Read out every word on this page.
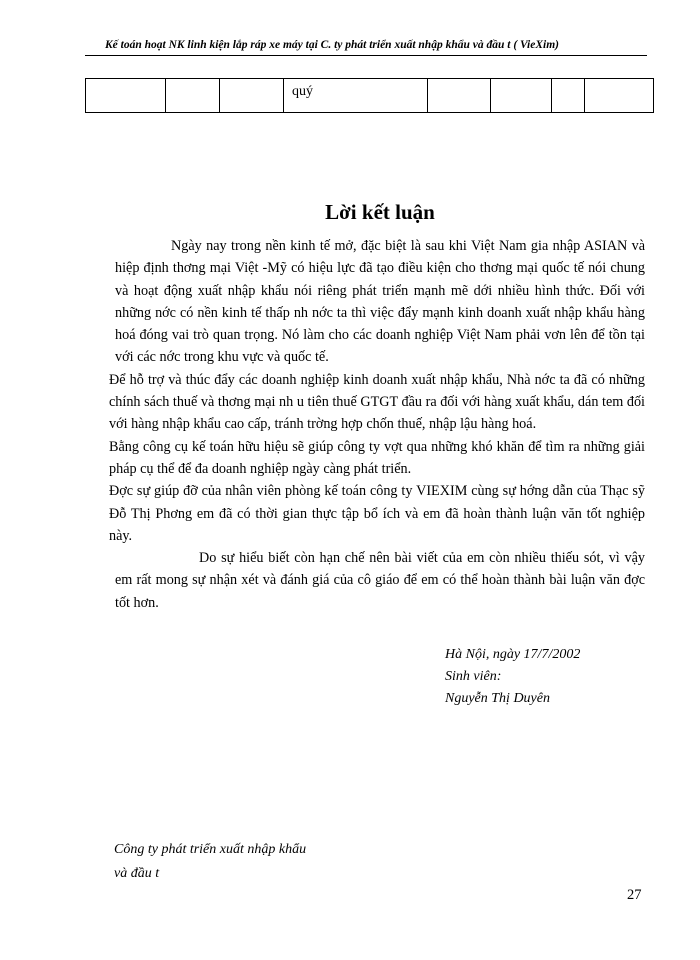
Kế toán hoạt NK linh kiện lắp ráp xe máy tại C. ty phát triển xuất nhập khẩu và đầu t ( VieXim)
quý
Lời kết luận

Ngày nay trong nền kinh tế mở, đặc biệt là sau khi Việt Nam gia nhập ASIAN và hiệp định thơng mại Việt -Mỹ có hiệu lực đã tạo điều kiện cho thơng mại quốc tế nói chung và hoạt động xuất nhập khẩu nói riêng phát triển mạnh mẽ dới nhiều hình thức. Đối với những nớc có nền kinh tế thấp nh nớc ta thì việc đẩy mạnh kinh doanh xuất nhập khẩu hàng hoá đóng vai trò quan trọng. Nó làm cho các doanh nghiệp Việt Nam phải vơn lên để tồn tại với các nớc trong khu vực và quốc tế.

Để hỗ trợ và thúc đẩy các doanh nghiệp kinh doanh xuất nhập khẩu, Nhà nớc ta đã có những chính sách thuế và thơng mại nh u tiên thuế GTGT đầu ra đối với hàng xuất khẩu, dán tem đối với hàng nhập khẩu cao cấp, tránh trờng hợp chốn thuế, nhập lậu hàng hoá.

Bằng công cụ kế toán hữu hiệu sẽ giúp công ty vợt qua những khó khăn để tìm ra những giải pháp cụ thể để đa doanh nghiệp ngày càng phát triển.

Đợc sự giúp đỡ của nhân viên phòng kế toán công ty VIEXIM cùng sự hớng dẫn của Thạc sỹ Đỗ Thị Phơng em đã có thời gian thực tập bổ ích và em đã hoàn thành luận văn tốt nghiệp này.

Do sự hiểu biết còn hạn chế nên bài viết của em còn nhiều thiếu sót, vì vậy em rất mong sự nhận xét và đánh giá của cô giáo để em có thể hoàn thành bài luận văn đợc tốt hơn.

Hà Nội, ngày 17/7/2002
Sinh viên:
Nguyễn Thị Duyên
Công ty phát triển xuất nhập khẩu
và đầu t
27
